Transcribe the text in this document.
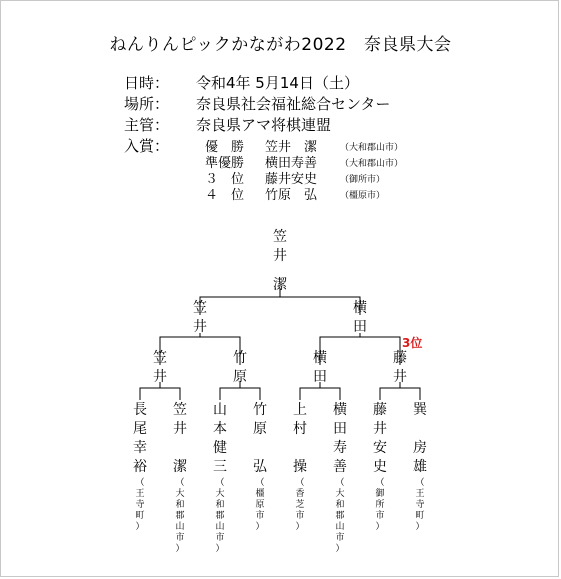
ねんりんピックかながわ2022　奈良県大会
日時： 令和4年 5月14日（土）
場所： 奈良県社会福祉総合センター
主管： 奈良県アマ将棋連盟
入賞：	優　勝 笠井　潔	（大和郡山市）
準優勝 横田寿善	（大和郡山市）
３　位 藤井安史	（御所市）
４　位 竹原　弘	（橿原市）
笠
井
潔
笠
井
横
田
笠
井
竹
原
横
田
藤
井
3位
長
尾
幸
裕
笠
井
潔
山
本
健
三
竹
原
弘
上
村
操
横
田
寿
善
藤
井
安
史
巽
房
雄
（
王
寺
町
）
（
大
和
郡
山
市
）
（
大
和
郡
山
市
）
（
橿
原
市
）
（
香
芝
市
）
（
大
和
郡
山
市
）
（
御
所
市
）
（
王
寺
町
）
